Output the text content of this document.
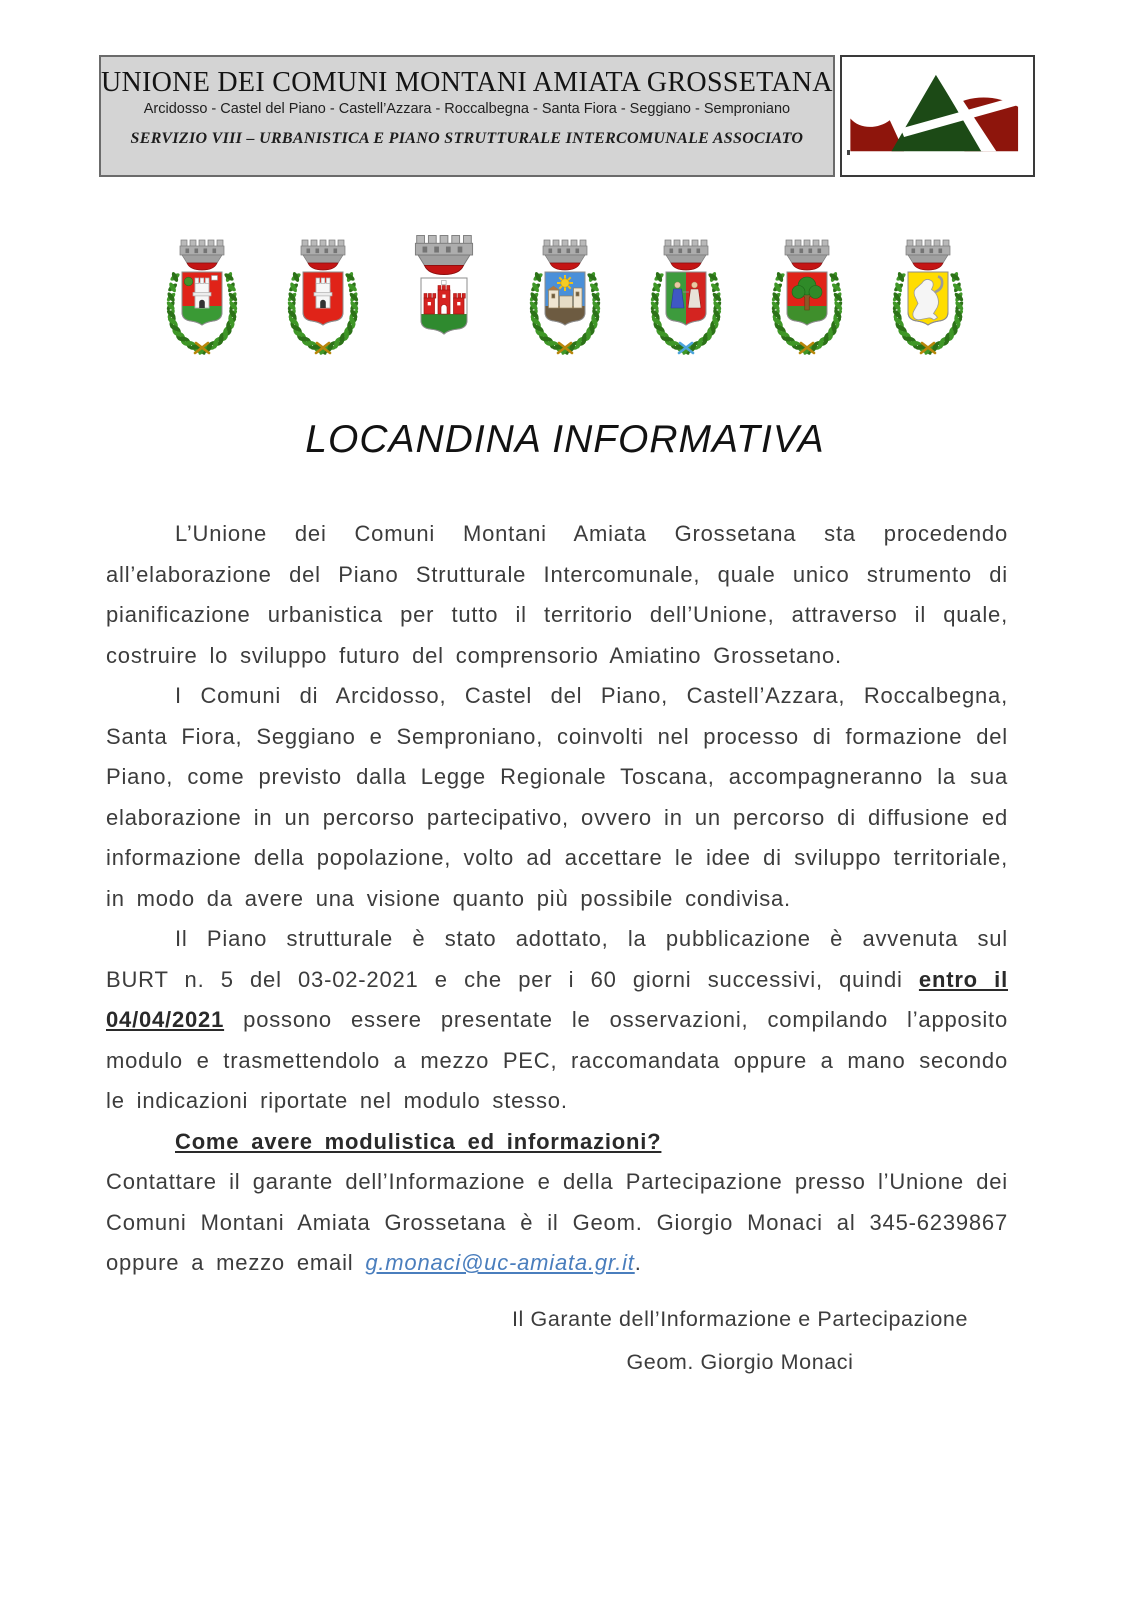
UNIONE DEI COMUNI MONTANI AMIATA GROSSETANA
Arcidosso - Castel del Piano - Castell’Azzara - Roccalbegna - Santa Fiora - Seggiano - Semproniano
SERVIZIO VIII – URBANISTICA E PIANO STRUTTURALE INTERCOMUNALE ASSOCIATO
LOCANDINA INFORMATIVA

L’Unione dei Comuni Montani Amiata Grossetana sta procedendo all’elaborazione del Piano Strutturale Intercomunale, quale unico strumento di pianificazione urbanistica per tutto il territorio dell’Unione, attraverso il quale, costruire lo sviluppo futuro del comprensorio Amiatino Grossetano.

I Comuni di Arcidosso, Castel del Piano, Castell’Azzara, Roccalbegna, Santa Fiora, Seggiano e Semproniano, coinvolti nel processo di formazione del Piano, come previsto dalla Legge Regionale Toscana, accompagneranno la sua elaborazione in un percorso partecipativo, ovvero in un percorso di diffusione ed informazione della popolazione, volto ad accettare le idee di sviluppo territoriale, in modo da avere una visione quanto più possibile condivisa.

Il Piano strutturale è stato adottato, la pubblicazione è avvenuta sul BURT n. 5 del 03-02-2021 e che per i 60 giorni successivi, quindi entro il 04/04/2021 possono essere presentate le osservazioni, compilando l’apposito modulo e trasmettendolo a mezzo PEC, raccomandata oppure a mano secondo le indicazioni riportate nel modulo stesso.

Come avere modulistica ed informazioni?

Contattare il garante dell’Informazione e della Partecipazione presso l’Unione dei Comuni Montani Amiata Grossetana è il Geom. Giorgio Monaci al 345-6239867 oppure a mezzo email g.monaci@uc-amiata.gr.it.

Il Garante dell’Informazione e Partecipazione
Geom. Giorgio Monaci
